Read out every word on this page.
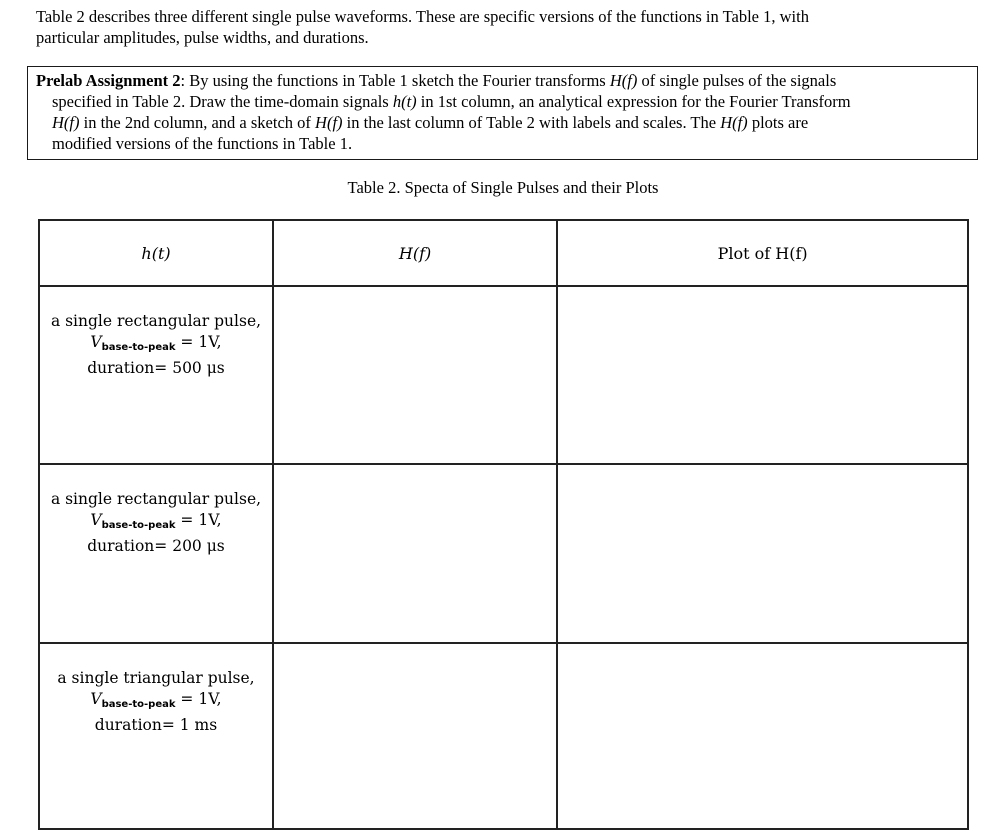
Table 2 describes three different single pulse waveforms. These are specific versions of the functions in Table 1, with
particular amplitudes, pulse widths, and durations.
Prelab Assignment 2: By using the functions in Table 1 sketch the Fourier transforms H(f) of single pulses of the signals
specified in Table 2. Draw the time-domain signals h(t) in 1st column, an analytical expression for the Fourier Transform
H(f) in the 2nd column, and a sketch of H(f) in the last column of Table 2 with labels and scales. The H(f) plots are
modified versions of the functions in Table 1.
Table 2. Specta of Single Pulses and their Plots
h(t)	H(f)	Plot of H(f)

a single rectangular pulse,
$V_{base-to-peak} = 1V$,
duration= 500 μs		

a single rectangular pulse,
$V_{base-to-peak} = 1V$,
duration= 200 μs		

a single triangular pulse,
$V_{base-to-peak} = 1V$,
duration= 1 ms		
